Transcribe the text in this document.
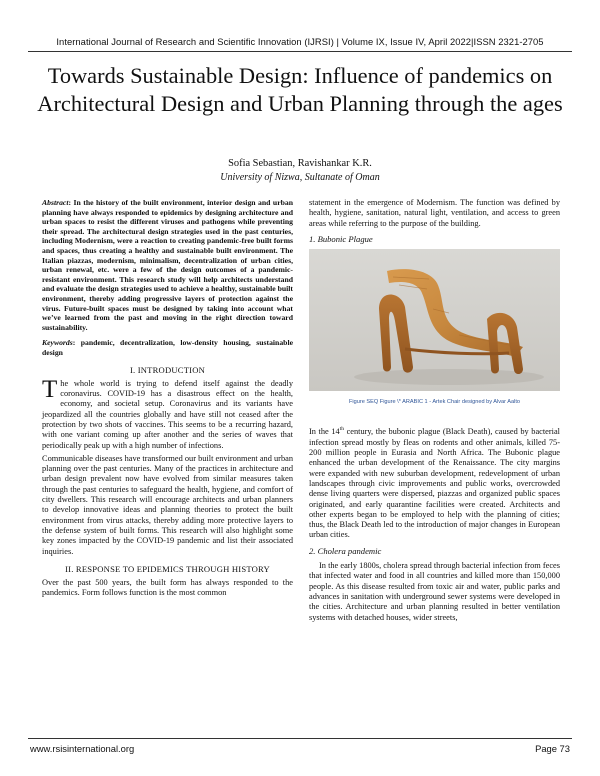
International Journal of Research and Scientific Innovation (IJRSI) | Volume IX, Issue IV, April 2022|ISSN 2321-2705
Towards Sustainable Design: Influence of pandemics on Architectural Design and Urban Planning through the ages
Sofia Sebastian, Ravishankar K.R.
University of Nizwa, Sultanate of Oman

Abstract: In the history of the built environment, interior design and urban planning have always responded to epidemics by designing architecture and urban spaces to resist the different viruses and pathogens while preventing their spread. The architectural design strategies used in the past centuries, including Modernism, were a reaction to creating pandemic-free built forms and spaces, thus creating a healthy and sustainable built environment. The Italian piazzas, modernism, minimalism, decentralization of urban cities, urban renewal, etc. were a few of the design outcomes of a pandemic-resistant environment. This research study will help architects understand and evaluate the design strategies used to achieve a healthy, sustainable built environment, thereby adding progressive layers of protection against the virus. Future-built spaces must be designed by taking into account what we’ve learned from the past and moving in the right direction toward sustainability.

Keywords: pandemic, decentralization, low-density housing, sustainable design

I. INTRODUCTION

The whole world is trying to defend itself against the deadly coronavirus. COVID-19 has a disastrous effect on the health, economy, and societal setup. Coronavirus and its variants have jeopardized all the countries globally and have still not ceased after the protection by two shots of vaccines. This seems to be a recurring hazard, with one variant coming up after another and the series of waves that periodically peak up with a high number of infections.

Communicable diseases have transformed our built environment and urban planning over the past centuries. Many of the practices in architecture and urban design prevalent now have evolved from similar measures taken through the past centuries to safeguard the health, hygiene, and comfort of city dwellers. This research will encourage architects and urban planners to develop innovative ideas and planning theories to protect the built environment from virus attacks, thereby adding more protective layers to the defense system of built forms. This research will also highlight some key zones impacted by the COVID-19 pandemic and list their associated inquiries.

II. RESPONSE TO EPIDEMICS THROUGH HISTORY

Over the past 500 years, the built form has always responded to the pandemics. Form follows function is the most common

statement in the emergence of Modernism. The function was defined by health, hygiene, sanitation, natural light, ventilation, and access to green areas while referring to the purpose of the building.

1. Bubonic Plague
Figure SEQ Figure \* ARABIC 1 - Artek Chair designed by Alvar Aalto

In the 14th century, the bubonic plague (Black Death), caused by bacterial infection spread mostly by fleas on rodents and other animals, killed 75-200 million people in Eurasia and North Africa. The Bubonic plague enhanced the urban development of the Renaissance. The city margins were expanded with new suburban development, redevelopment of urban landscapes through civic improvements and public works, overcrowded dense living quarters were dispersed, piazzas and organized public spaces originated, and early quarantine facilities were created. Architects and other experts began to be employed to help with the planning of cities; thus, the Black Death led to the introduction of major changes in European urban cities.

2. Cholera pandemic

In the early 1800s, cholera spread through bacterial infection from feces that infected water and food in all countries and killed more than 150,000 people. As this disease resulted from toxic air and water, public parks and advances in sanitation with underground sewer systems were developed in the cities. Architecture and urban planning resulted in better ventilation systems with detached houses, wider streets,

www.rsisinternational.org	Page 73
